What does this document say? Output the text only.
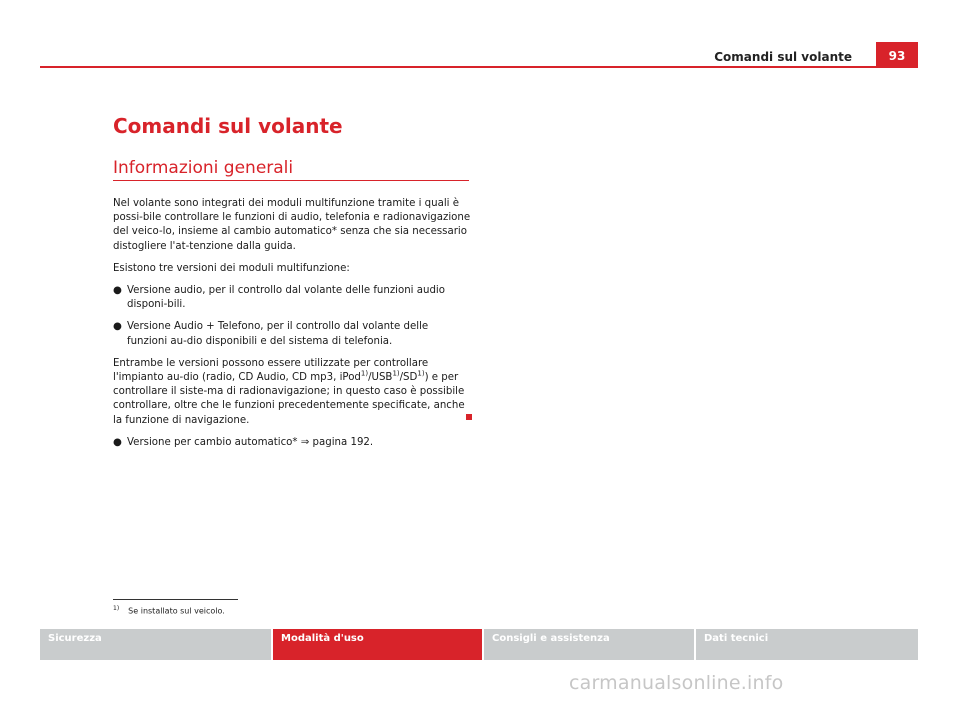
Comandi sul volante	93
Comandi sul volante
Informazioni generali

Nel volante sono integrati dei moduli multifunzione tramite i quali è possi-bile controllare le funzioni di audio, telefonia e radionavigazione del veico-lo, insieme al cambio automatico* senza che sia necessario distogliere l'at-tenzione dalla guida.

Esistono tre versioni dei moduli multifunzione:

● Versione audio, per il controllo dal volante delle funzioni audio disponi-bili.
● Versione Audio + Telefono, per il controllo dal volante delle funzioni au-dio disponibili e del sistema di telefonia.

Entrambe le versioni possono essere utilizzate per controllare l'impianto au-dio (radio, CD Audio, CD mp3, iPod$^{1)}$/USB$^{1)}$/SD$^{1)}$) e per controllare il siste-ma di radionavigazione; in questo caso è possibile controllare, oltre che le funzioni precedentemente specificate, anche la funzione di navigazione.

● Versione per cambio automatico* ⇒ pagina 192.
$^{1)}$ Se installato sul veicolo.
Sicurezza	Modalità d'uso	Consigli e assistenza	Dati tecnici
carmanualsonline.info
